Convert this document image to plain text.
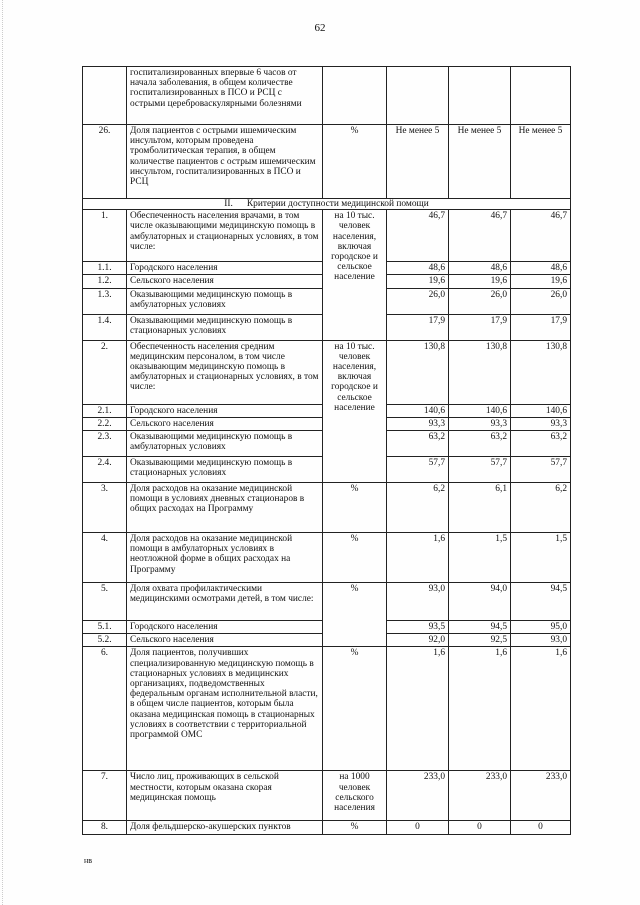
62
	госпитализированных впервые 6 часов от начала заболевания, в общем количестве госпитализированных в ПСО и РСЦ с острыми цереброваскулярными болезнями				
26.	Доля пациентов с острыми ишемическим инсультом, которым проведена тромболитическая терапия, в общем количестве пациентов с острым ишемическим инсультом, госпитализированных в ПСО и РСЦ	%	Не менее 5	Не менее 5	Не менее 5
II. Критерии доступности медицинской помощи					
1.	Обеспеченность населения врачами, в том числе оказывающими медицинскую помощь в амбулаторных и стационарных условиях, в том числе:	на 10 тыс. человек населения, включая городское и сельское население	46,7	46,7	46,7
1.1.	Городского населения		48,6	48,6	48,6
1.2.	Сельского населения		19,6	19,6	19,6
1.3.	Оказывающими медицинскую помощь в амбулаторных условиях		26,0	26,0	26,0
1.4.	Оказывающими медицинскую помощь в стационарных условиях		17,9	17,9	17,9
2.	Обеспеченность населения средним медицинским персоналом, в том числе оказывающим медицинскую помощь в амбулаторных и стационарных условиях, в том числе:	на 10 тыс. человек населения, включая городское и сельское население	130,8	130,8	130,8
2.1.	Городского населения		140,6	140,6	140,6
2.2.	Сельского населения		93,3	93,3	93,3
2.3.	Оказывающими медицинскую помощь в амбулаторных условиях		63,2	63,2	63,2
2.4.	Оказывающими медицинскую помощь в стационарных условиях		57,7	57,7	57,7
3.	Доля расходов на оказание медицинской помощи в условиях дневных стационаров в общих расходах на Программу	%	6,2	6,1	6,2
4.	Доля расходов на оказание медицинской помощи в амбулаторных условиях в неотложной форме в общих расходах на Программу	%	1,6	1,5	1,5
5.	Доля охвата профилактическими медицинскими осмотрами детей, в том числе:	%	93,0	94,0	94,5
5.1.	Городского населения		93,5	94,5	95,0
5.2.	Сельского населения		92,0	92,5	93,0
6.	Доля пациентов, получивших специализированную медицинскую помощь в стационарных условиях в медицинских организациях, подведомственных федеральным органам исполнительной власти, в общем числе пациентов, которым была оказана медицинская помощь в стационарных условиях в соответствии с территориальной программой ОМС	%	1,6	1,6	1,6
7.	Число лиц, проживающих в сельской местности, которым оказана скорая медицинская помощь	на 1000 человек сельского населения	233,0	233,0	233,0
8.	Доля фельдшерско-акушерских пунктов	%	0	0	0
нв
